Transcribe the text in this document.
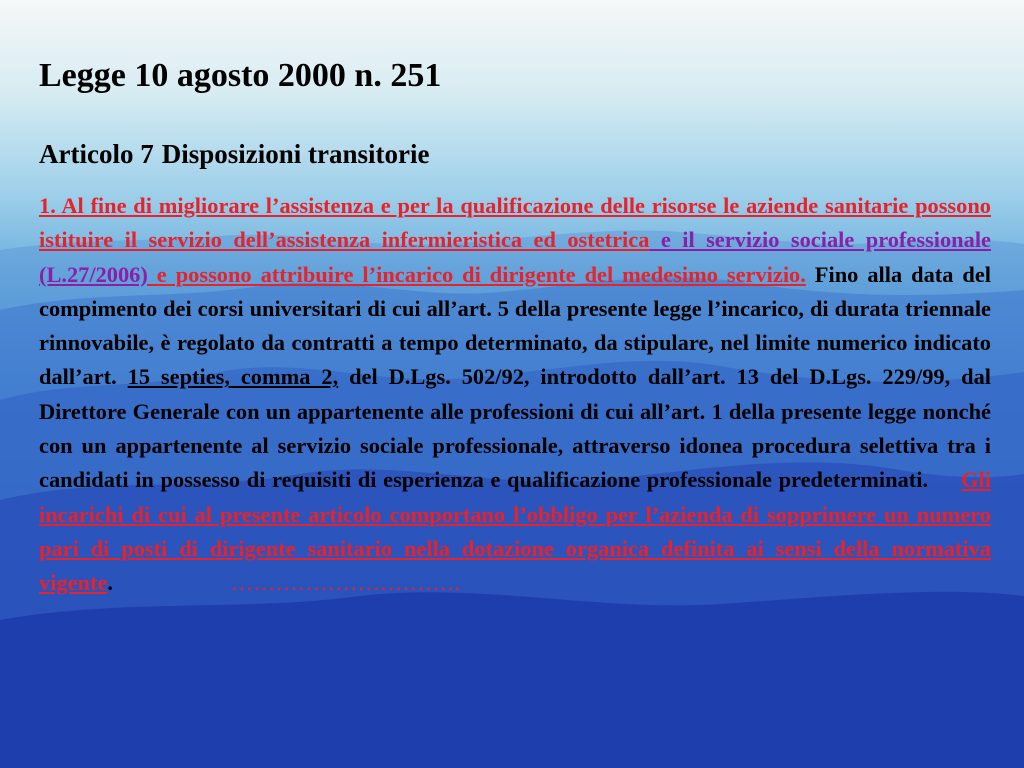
Legge 10 agosto 2000 n. 251
Articolo 7 Disposizioni transitorie

1. Al fine di migliorare l’assistenza e per la qualificazione delle risorse le aziende sanitarie possono istituire il servizio dell’assistenza infermieristica ed ostetrica e il servizio sociale professionale (L.27/2006) e possono attribuire l’incarico di dirigente del medesimo servizio. Fino alla data del compimento dei corsi universitari di cui all’art. 5 della presente legge l’incarico, di durata triennale rinnovabile, è regolato da contratti a tempo determinato, da stipulare, nel limite numerico indicato dall’art. 15 septies, comma 2, del D.Lgs. 502/92, introdotto dall’art. 13 del D.Lgs. 229/99, dal Direttore Generale con un appartenente alle professioni di cui all’art. 1 della presente legge nonché con un appartenente al servizio sociale professionale, attraverso idonea procedura selettiva tra i candidati in possesso di requisiti di esperienza e qualificazione professionale predeterminati. Gli incarichi di cui al presente articolo comportano l’obbligo per l’azienda di sopprimere un numero pari di posti di dirigente sanitario nella dotazione organica definita ai sensi della normativa vigente.	………………………….
